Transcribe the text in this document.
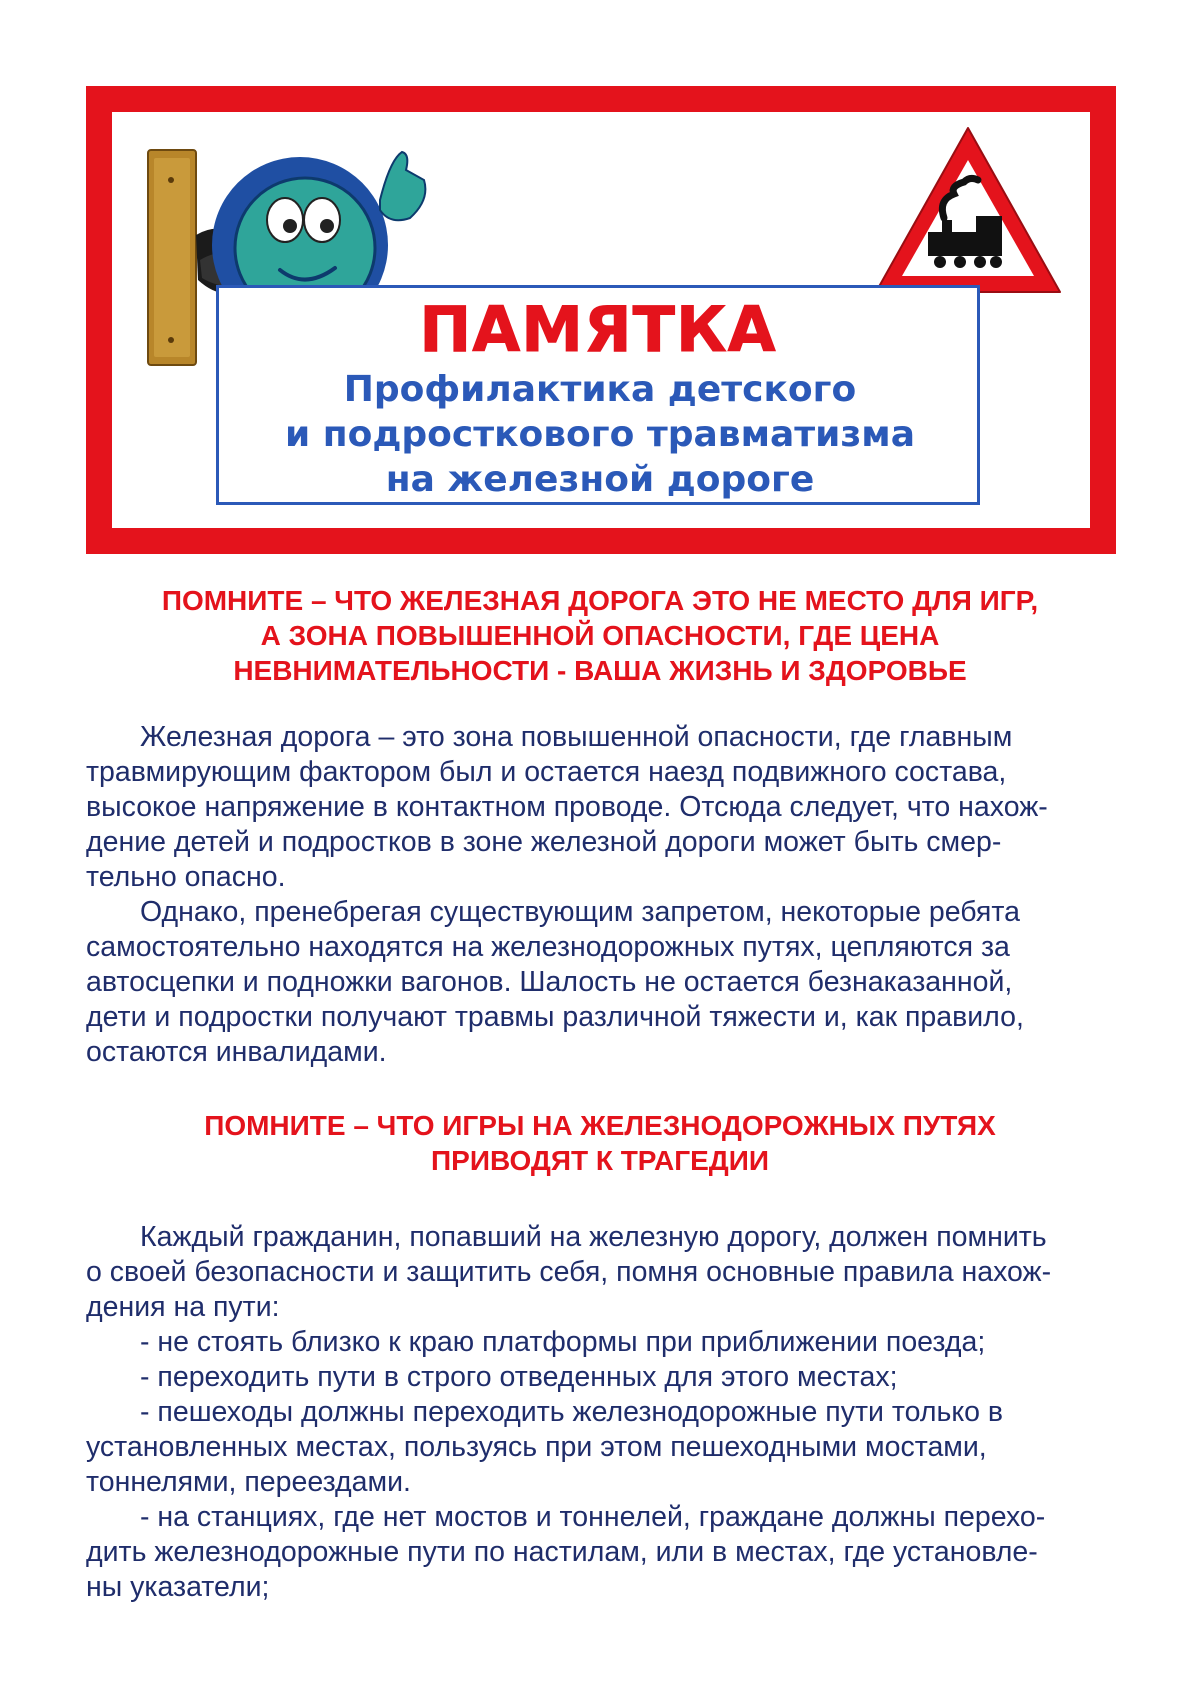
ПАМЯТКА
Профилактика детского
и подросткового травматизма
на железной дороге
ПОМНИТЕ – ЧТО ЖЕЛЕЗНАЯ ДОРОГА ЭТО НЕ МЕСТО ДЛЯ ИГР,
А ЗОНА ПОВЫШЕННОЙ ОПАСНОСТИ, ГДЕ ЦЕНА
НЕВНИМАТЕЛЬНОСТИ - ВАША ЖИЗНЬ И ЗДОРОВЬЕ
Железная дорога – это зона повышенной опасности, где главным
травмирующим фактором был и остается наезд подвижного состава,
высокое напряжение в контактном проводе. Отсюда следует, что нахож-
дение детей и подростков в зоне железной дороги может быть смер-
тельно опасно.
Однако, пренебрегая существующим запретом, некоторые ребята
самостоятельно находятся на железнодорожных путях, цепляются за
автосцепки и подножки вагонов. Шалость не остается безнаказанной,
дети и подростки получают травмы различной тяжести и, как правило,
остаются инвалидами.
ПОМНИТЕ – ЧТО ИГРЫ НА ЖЕЛЕЗНОДОРОЖНЫХ ПУТЯХ
ПРИВОДЯТ К ТРАГЕДИИ
Каждый гражданин, попавший на железную дорогу, должен помнить
о своей безопасности и защитить себя, помня основные правила нахож-
дения на пути:
- не стоять близко к краю платформы при приближении поезда;
- переходить пути в строго отведенных для этого местах;
- пешеходы должны переходить железнодорожные пути только в
установленных местах, пользуясь при этом пешеходными мостами,
тоннелями, переездами.
- на станциях, где нет мостов и тоннелей, граждане должны перехо-
дить железнодорожные пути по настилам, или в местах, где установле-
ны указатели;
